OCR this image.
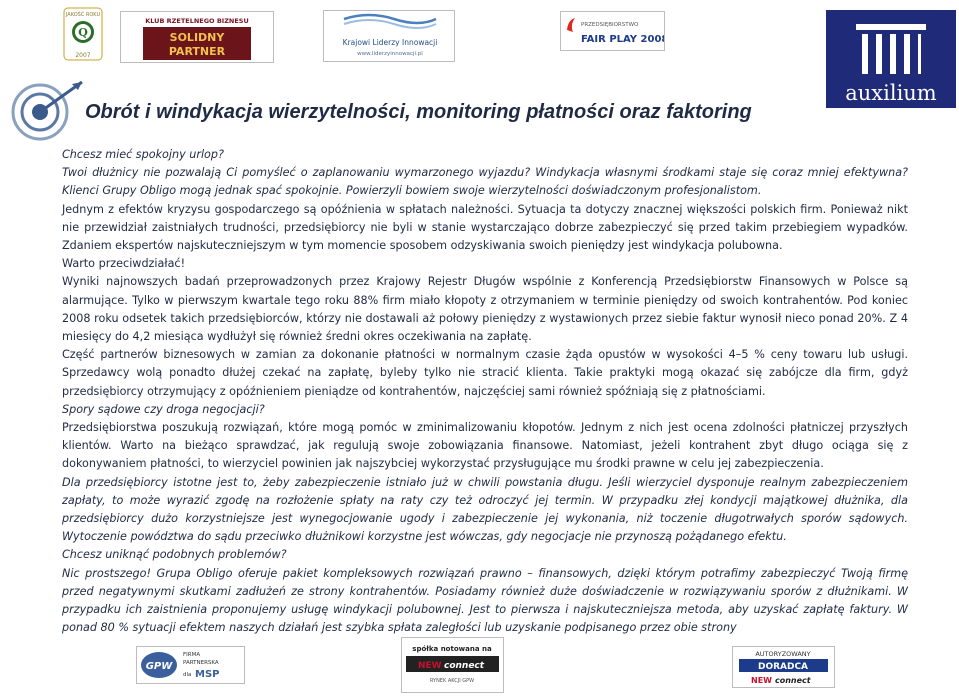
Q
JAKOŚĆ ROKU
2007
KLUB RZETELNEGO BIZNESU
SOLIDNY
PARTNER
Krajowi Liderzy Innowacji
www.liderzyinnowacji.pl
PRZEDSIĘBIORSTWO
FAIR PLAY 2008
auxilium
Obrót i windykacja wierzytelności, monitoring płatności oraz faktoring

Chcesz mieć spokojny urlop?

Twoi dłużnicy nie pozwalają Ci pomyśleć o zaplanowaniu wymarzonego wyjazdu? Windykacja własnymi środkami staje się coraz mniej efektywna? Klienci Grupy Obligo mogą jednak spać spokojnie. Powierzyli bowiem swoje wierzytelności doświadczonym profesjonalistom.

Jednym z efektów kryzysu gospodarczego są opóźnienia w spłatach należności. Sytuacja ta dotyczy znacznej większości polskich firm. Ponieważ nikt nie przewidział zaistniałych trudności, przedsiębiorcy nie byli w stanie wystarczająco dobrze zabezpieczyć się przed takim przebiegiem wypadków. Zdaniem ekspertów najskuteczniejszym w tym momencie sposobem odzyskiwania swoich pieniędzy jest windykacja polubowna.

Warto przeciwdziałać!

Wyniki najnowszych badań przeprowadzonych przez Krajowy Rejestr Długów wspólnie z Konferencją Przedsiębiorstw Finansowych w Polsce są alarmujące. Tylko w pierwszym kwartale tego roku 88% firm miało kłopoty z otrzymaniem w terminie pieniędzy od swoich kontrahentów. Pod koniec 2008 roku odsetek takich przedsiębiorców, którzy nie dostawali aż połowy pieniędzy z wystawionych przez siebie faktur wynosił nieco ponad 20%. Z 4 miesięcy do 4,2 miesiąca wydłużył się również średni okres oczekiwania na zapłatę.

Część partnerów biznesowych w zamian za dokonanie płatności w normalnym czasie żąda opustów w wysokości 4–5 % ceny towaru lub usługi. Sprzedawcy wolą ponadto dłużej czekać na zapłatę, byleby tylko nie stracić klienta. Takie praktyki mogą okazać się zabójcze dla firm, gdyż przedsiębiorcy otrzymujący z opóźnieniem pieniądze od kontrahentów, najczęściej sami również spóźniają się z płatnościami.

Spory sądowe czy droga negocjacji?

Przedsiębiorstwa poszukują rozwiązań, które mogą pomóc w zminimalizowaniu kłopotów. Jednym z nich jest ocena zdolności płatniczej przyszłych klientów. Warto na bieżąco sprawdzać, jak regulują swoje zobowiązania finansowe. Natomiast, jeżeli kontrahent zbyt długo ociąga się z dokonywaniem płatności, to wierzyciel powinien jak najszybciej wykorzystać przysługujące mu środki prawne w celu jej zabezpieczenia.

Dla przedsiębiorcy istotne jest to, żeby zabezpieczenie istniało już w chwili powstania długu. Jeśli wierzyciel dysponuje realnym zabezpieczeniem zapłaty, to może wyrazić zgodę na rozłożenie spłaty na raty czy też odroczyć jej termin. W przypadku złej kondycji majątkowej dłużnika, dla przedsiębiorcy dużo korzystniejsze jest wynegocjowanie ugody i zabezpieczenie jej wykonania, niż toczenie długotrwałych sporów sądowych. Wytoczenie powództwa do sądu przeciwko dłużnikowi korzystne jest wówczas, gdy negocjacje nie przynoszą pożądanego efektu.

Chcesz uniknąć podobnych problemów?

Nic prostszego! Grupa Obligo oferuje pakiet kompleksowych rozwiązań prawno – finansowych, dzięki którym potrafimy zabezpieczyć Twoją firmę przed negatywnymi skutkami zadłużeń ze strony kontrahentów. Posiadamy również duże doświadczenie w rozwiązywaniu sporów z dłużnikami. W przypadku ich zaistnienia proponujemy usługę windykacji polubownej. Jest to pierwsza i najskuteczniejsza metoda, aby uzyskać zapłatę faktury. W ponad 80 % sytuacji efektem naszych działań jest szybka spłata zaległości lub uzyskanie podpisanego przez obie strony

GPW
FIRMA
PARTNERSKA
dla MSP
spółka notowana na
NEW connect
RYNEK AKCJI GPW
AUTORYZOWANY
DORADCA
NEW connect
